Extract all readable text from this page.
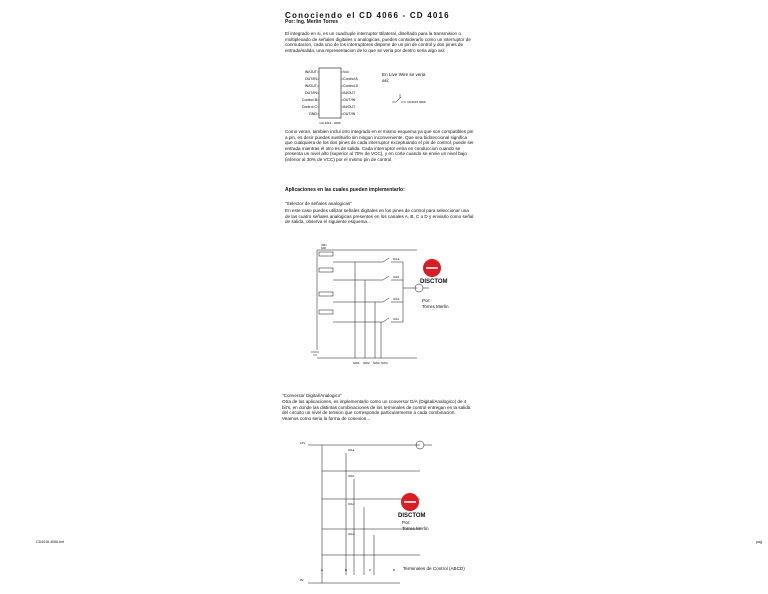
Conociendo el CD 4066 - CD 4016
Por: Ing. Merlin Torres
El integrado en si, es un cuadruple interruptor Bilateral, diseñado para la transmision o multiplexado de señales digitales o analogicas, puedes considerarlo como un interruptor de conmutacion, cada uno de los interruptores dispone de un pin de control y dos pines de entrada/salida, una representacion de lo que se veria por dentro seria algo asi:
IN/OUT
OUT/IN
IN/OUT
OUT/IN
Control B
Control C
GND
Vcc
Control A
Control D
IN/OUT
OUT/IN
IN/OUT
OUT/IN
CD 4016 - 4066
En Live Wire se veria asi:
CD4016 4066
Como veran, tambien inclui otro integrado en el mismo esquema ya que son compatibles pin a pin, es decir puedes sustituirlo sin ningun inconveniente. Que sea bidireccional significa que cualquiera de los dos pines de cada interruptor exceptuando el pin de control, puede ser entrada mientras el otro es de salida. Cada interruptor entra en conduccion cuando se presenta un nivel alto (superior al 70% de VCC), y en corte cuando se envie un nivel bajo (inferior al 30% de VCC) por el mismo pin de control.
Aplicaciones en las cuales pueden implementarlo:
"Selector de señales analogicas"
En este caso puedes utilizar señales digitales en los pines de control para seleccionar una de las cuatro señales analogicas presentes en los canales A, B, C o D y enviarlo como señal de salida, observa el siguiente esquema...
IC1a
IC1b
IC1d
IC1c
SW1 SW2 SW3 SW4
VR1
10K
DISCTOM
Por:
Torres Merlin
"Conversor Digital/Analogico"
Otra de las aplicaciones, es implementarlo como un conversor D/A (Digital/Analogico) de 4 bit's, en donde las distintas combinaciones de los terminales de control entregan en la salida del circuito un nivel de tension que corresponde particularmente a cada combinacion. Veamos como seria la forma de conexion...
IC1a
IC1b
IC1c
IC1d
A	B	C	D
12V
0V
DISCTOM
Por:
Torres Merlin
Terminales de Control (ABCD)
CD4016 4066.fmt	pag
